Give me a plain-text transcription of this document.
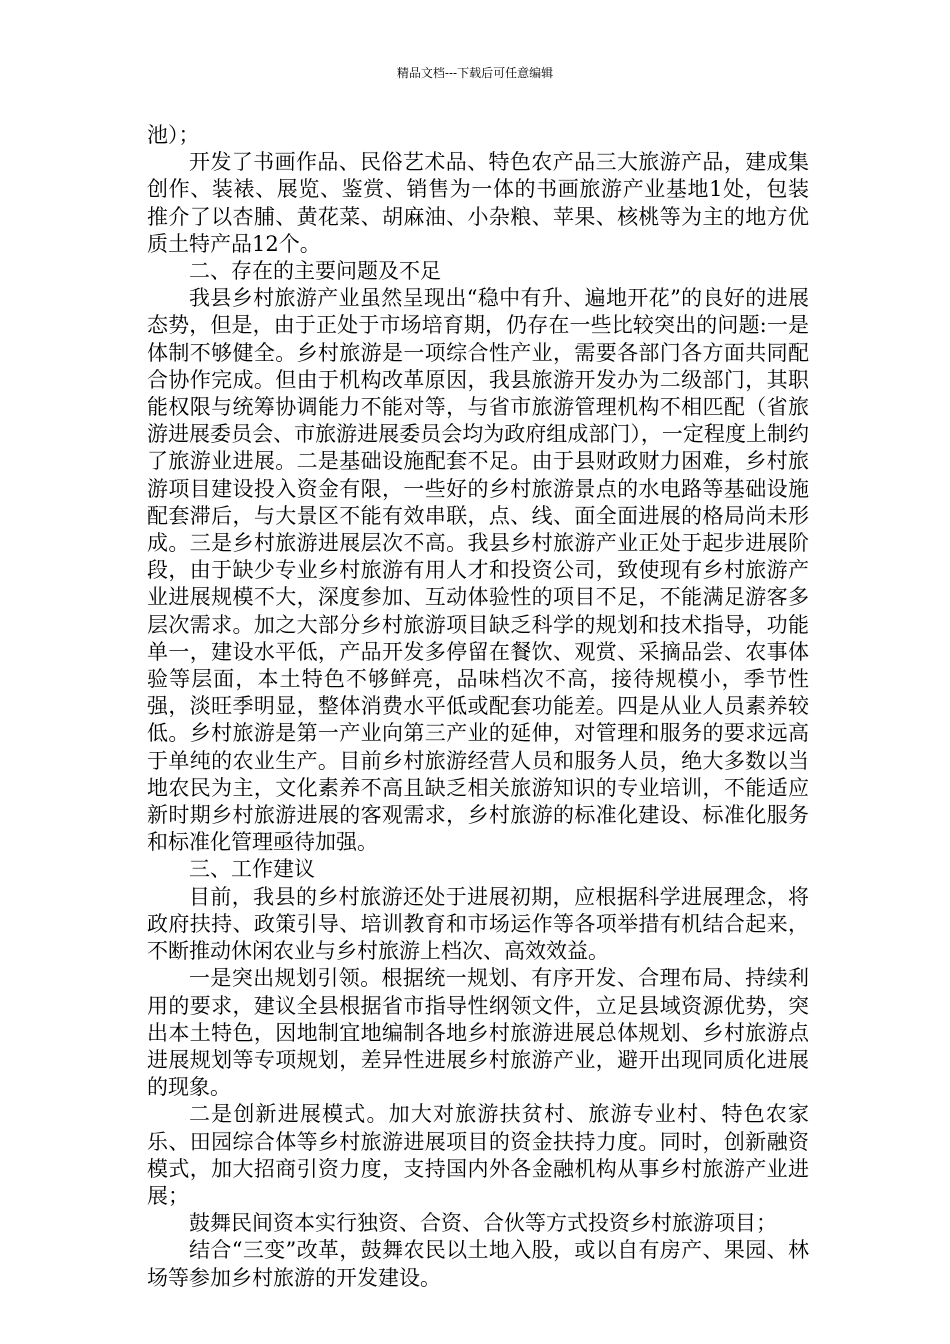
精品文档---下载后可任意编辑

池）；

开发了书画作品、民俗艺术品、特色农产品三大旅游产品，建成集创作、装裱、展览、鉴赏、销售为一体的书画旅游产业基地1处，包装推介了以杏脯、黄花菜、胡麻油、小杂粮、苹果、核桃等为主的地方优质土特产品12个。

二、存在的主要问题及不足

我县乡村旅游产业虽然呈现出“稳中有升、遍地开花”的良好的进展态势，但是，由于正处于市场培育期，仍存在一些比较突出的问题:一是体制不够健全。乡村旅游是一项综合性产业，需要各部门各方面共同配合协作完成。但由于机构改革原因，我县旅游开发办为二级部门，其职能权限与统筹协调能力不能对等，与省市旅游管理机构不相匹配（省旅游进展委员会、市旅游进展委员会均为政府组成部门），一定程度上制约了旅游业进展。二是基础设施配套不足。由于县财政财力困难，乡村旅游项目建设投入资金有限，一些好的乡村旅游景点的水电路等基础设施配套滞后，与大景区不能有效串联，点、线、面全面进展的格局尚未形成。三是乡村旅游进展层次不高。我县乡村旅游产业正处于起步进展阶段，由于缺少专业乡村旅游有用人才和投资公司，致使现有乡村旅游产业进展规模不大，深度参加、互动体验性的项目不足，不能满足游客多层次需求。加之大部分乡村旅游项目缺乏科学的规划和技术指导，功能单一，建设水平低，产品开发多停留在餐饮、观赏、采摘品尝、农事体验等层面，本土特色不够鲜亮，品味档次不高，接待规模小，季节性强，淡旺季明显，整体消费水平低或配套功能差。四是从业人员素养较低。乡村旅游是第一产业向第三产业的延伸，对管理和服务的要求远高于单纯的农业生产。目前乡村旅游经营人员和服务人员，绝大多数以当地农民为主，文化素养不高且缺乏相关旅游知识的专业培训，不能适应新时期乡村旅游进展的客观需求，乡村旅游的标准化建设、标准化服务和标准化管理亟待加强。

三、工作建议

目前，我县的乡村旅游还处于进展初期，应根据科学进展理念，将政府扶持、政策引导、培训教育和市场运作等各项举措有机结合起来，不断推动休闲农业与乡村旅游上档次、高效效益。

一是突出规划引领。根据统一规划、有序开发、合理布局、持续利用的要求，建议全县根据省市指导性纲领文件，立足县域资源优势，突出本土特色，因地制宜地编制各地乡村旅游进展总体规划、乡村旅游点进展规划等专项规划，差异性进展乡村旅游产业，避开出现同质化进展的现象。

二是创新进展模式。加大对旅游扶贫村、旅游专业村、特色农家乐、田园综合体等乡村旅游进展项目的资金扶持力度。同时，创新融资模式，加大招商引资力度，支持国内外各金融机构从事乡村旅游产业进展；

鼓舞民间资本实行独资、合资、合伙等方式投资乡村旅游项目；

结合“三变”改革，鼓舞农民以土地入股，或以自有房产、果园、林场等参加乡村旅游的开发建设。
